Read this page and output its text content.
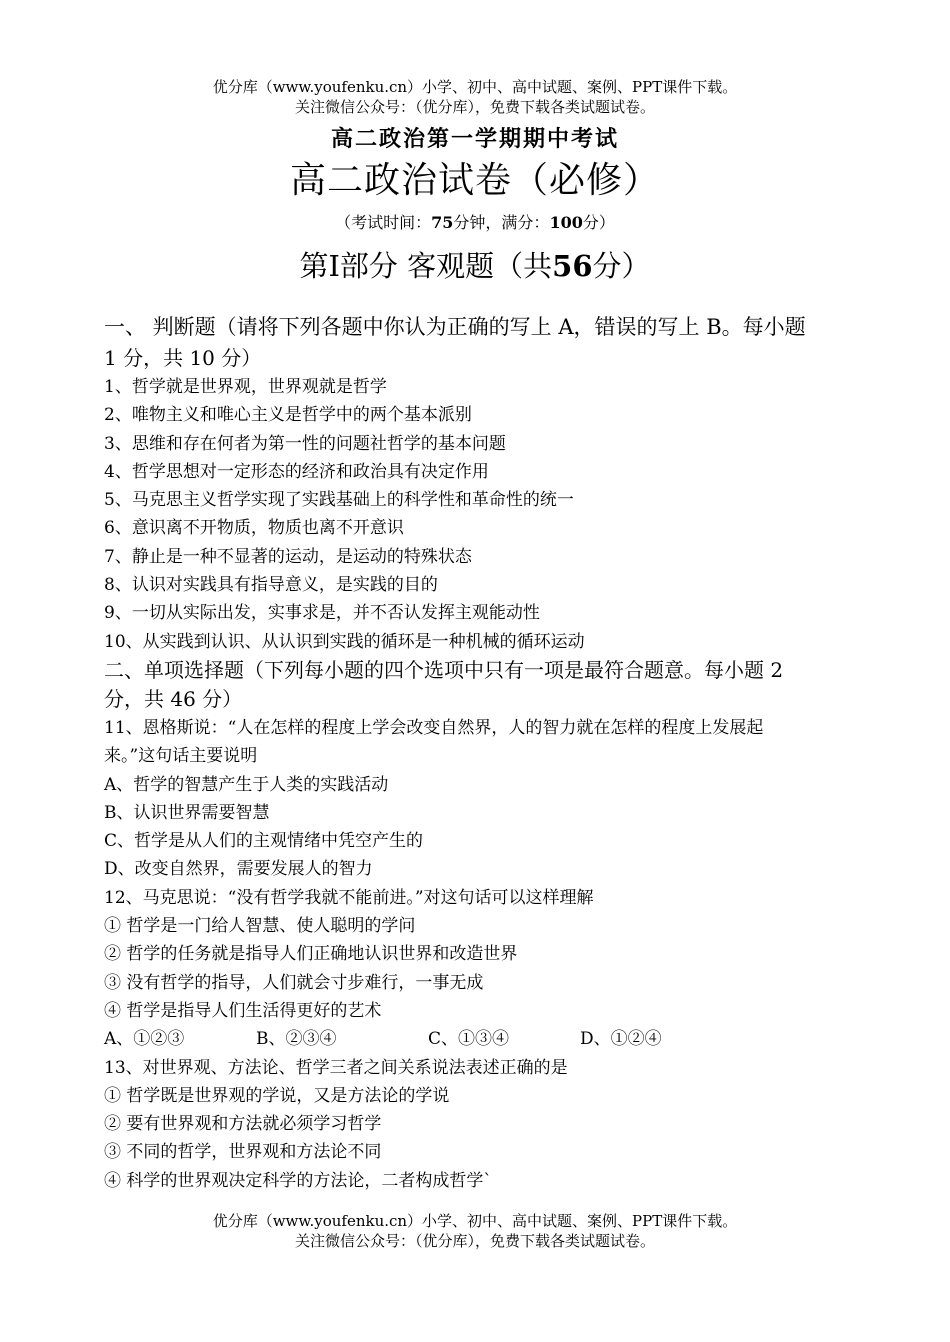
优分库（www.youfenku.cn）小学、初中、高中试题、案例、PPT课件下载。
关注微信公众号：（优分库），免费下载各类试题试卷。
高二政治第一学期期中考试
高二政治试卷（必修）
（考试时间：75分钟，满分：100分）
第Ⅰ部分 客观题（共56分）
一、 判断题（请将下列各题中你认为正确的写上 A，错误的写上 B。每小题
1 分，共 10 分）
1、哲学就是世界观，世界观就是哲学
2、唯物主义和唯心主义是哲学中的两个基本派别
3、思维和存在何者为第一性的问题社哲学的基本问题
4、哲学思想对一定形态的经济和政治具有决定作用
5、马克思主义哲学实现了实践基础上的科学性和革命性的统一
6、意识离不开物质，物质也离不开意识
7、静止是一种不显著的运动，是运动的特殊状态
8、认识对实践具有指导意义，是实践的目的
9、一切从实际出发，实事求是，并不否认发挥主观能动性
10、从实践到认识、从认识到实践的循环是一种机械的循环运动
二、单项选择题（下列每小题的四个选项中只有一项是最符合题意。每小题 2
分，共 46 分）
11、恩格斯说：“人在怎样的程度上学会改变自然界，人的智力就在怎样的程度上发展起
来。”这句话主要说明
A、哲学的智慧产生于人类的实践活动
B、认识世界需要智慧
C、哲学是从人们的主观情绪中凭空产生的
D、改变自然界，需要发展人的智力
12、马克思说：“没有哲学我就不能前进。”对这句话可以这样理解
① 哲学是一门给人智慧、使人聪明的学问
② 哲学的任务就是指导人们正确地认识世界和改造世界
③ 没有哲学的指导，人们就会寸步难行，一事无成
④ 哲学是指导人们生活得更好的艺术
A、①②③	B、②③④	C、①③④	D、①②④
13、对世界观、方法论、哲学三者之间关系说法表述正确的是
① 哲学既是世界观的学说，又是方法论的学说
② 要有世界观和方法就必须学习哲学
③ 不同的哲学，世界观和方法论不同
④ 科学的世界观决定科学的方法论，二者构成哲学`
优分库（www.youfenku.cn）小学、初中、高中试题、案例、PPT课件下载。
关注微信公众号：（优分库），免费下载各类试题试卷。
